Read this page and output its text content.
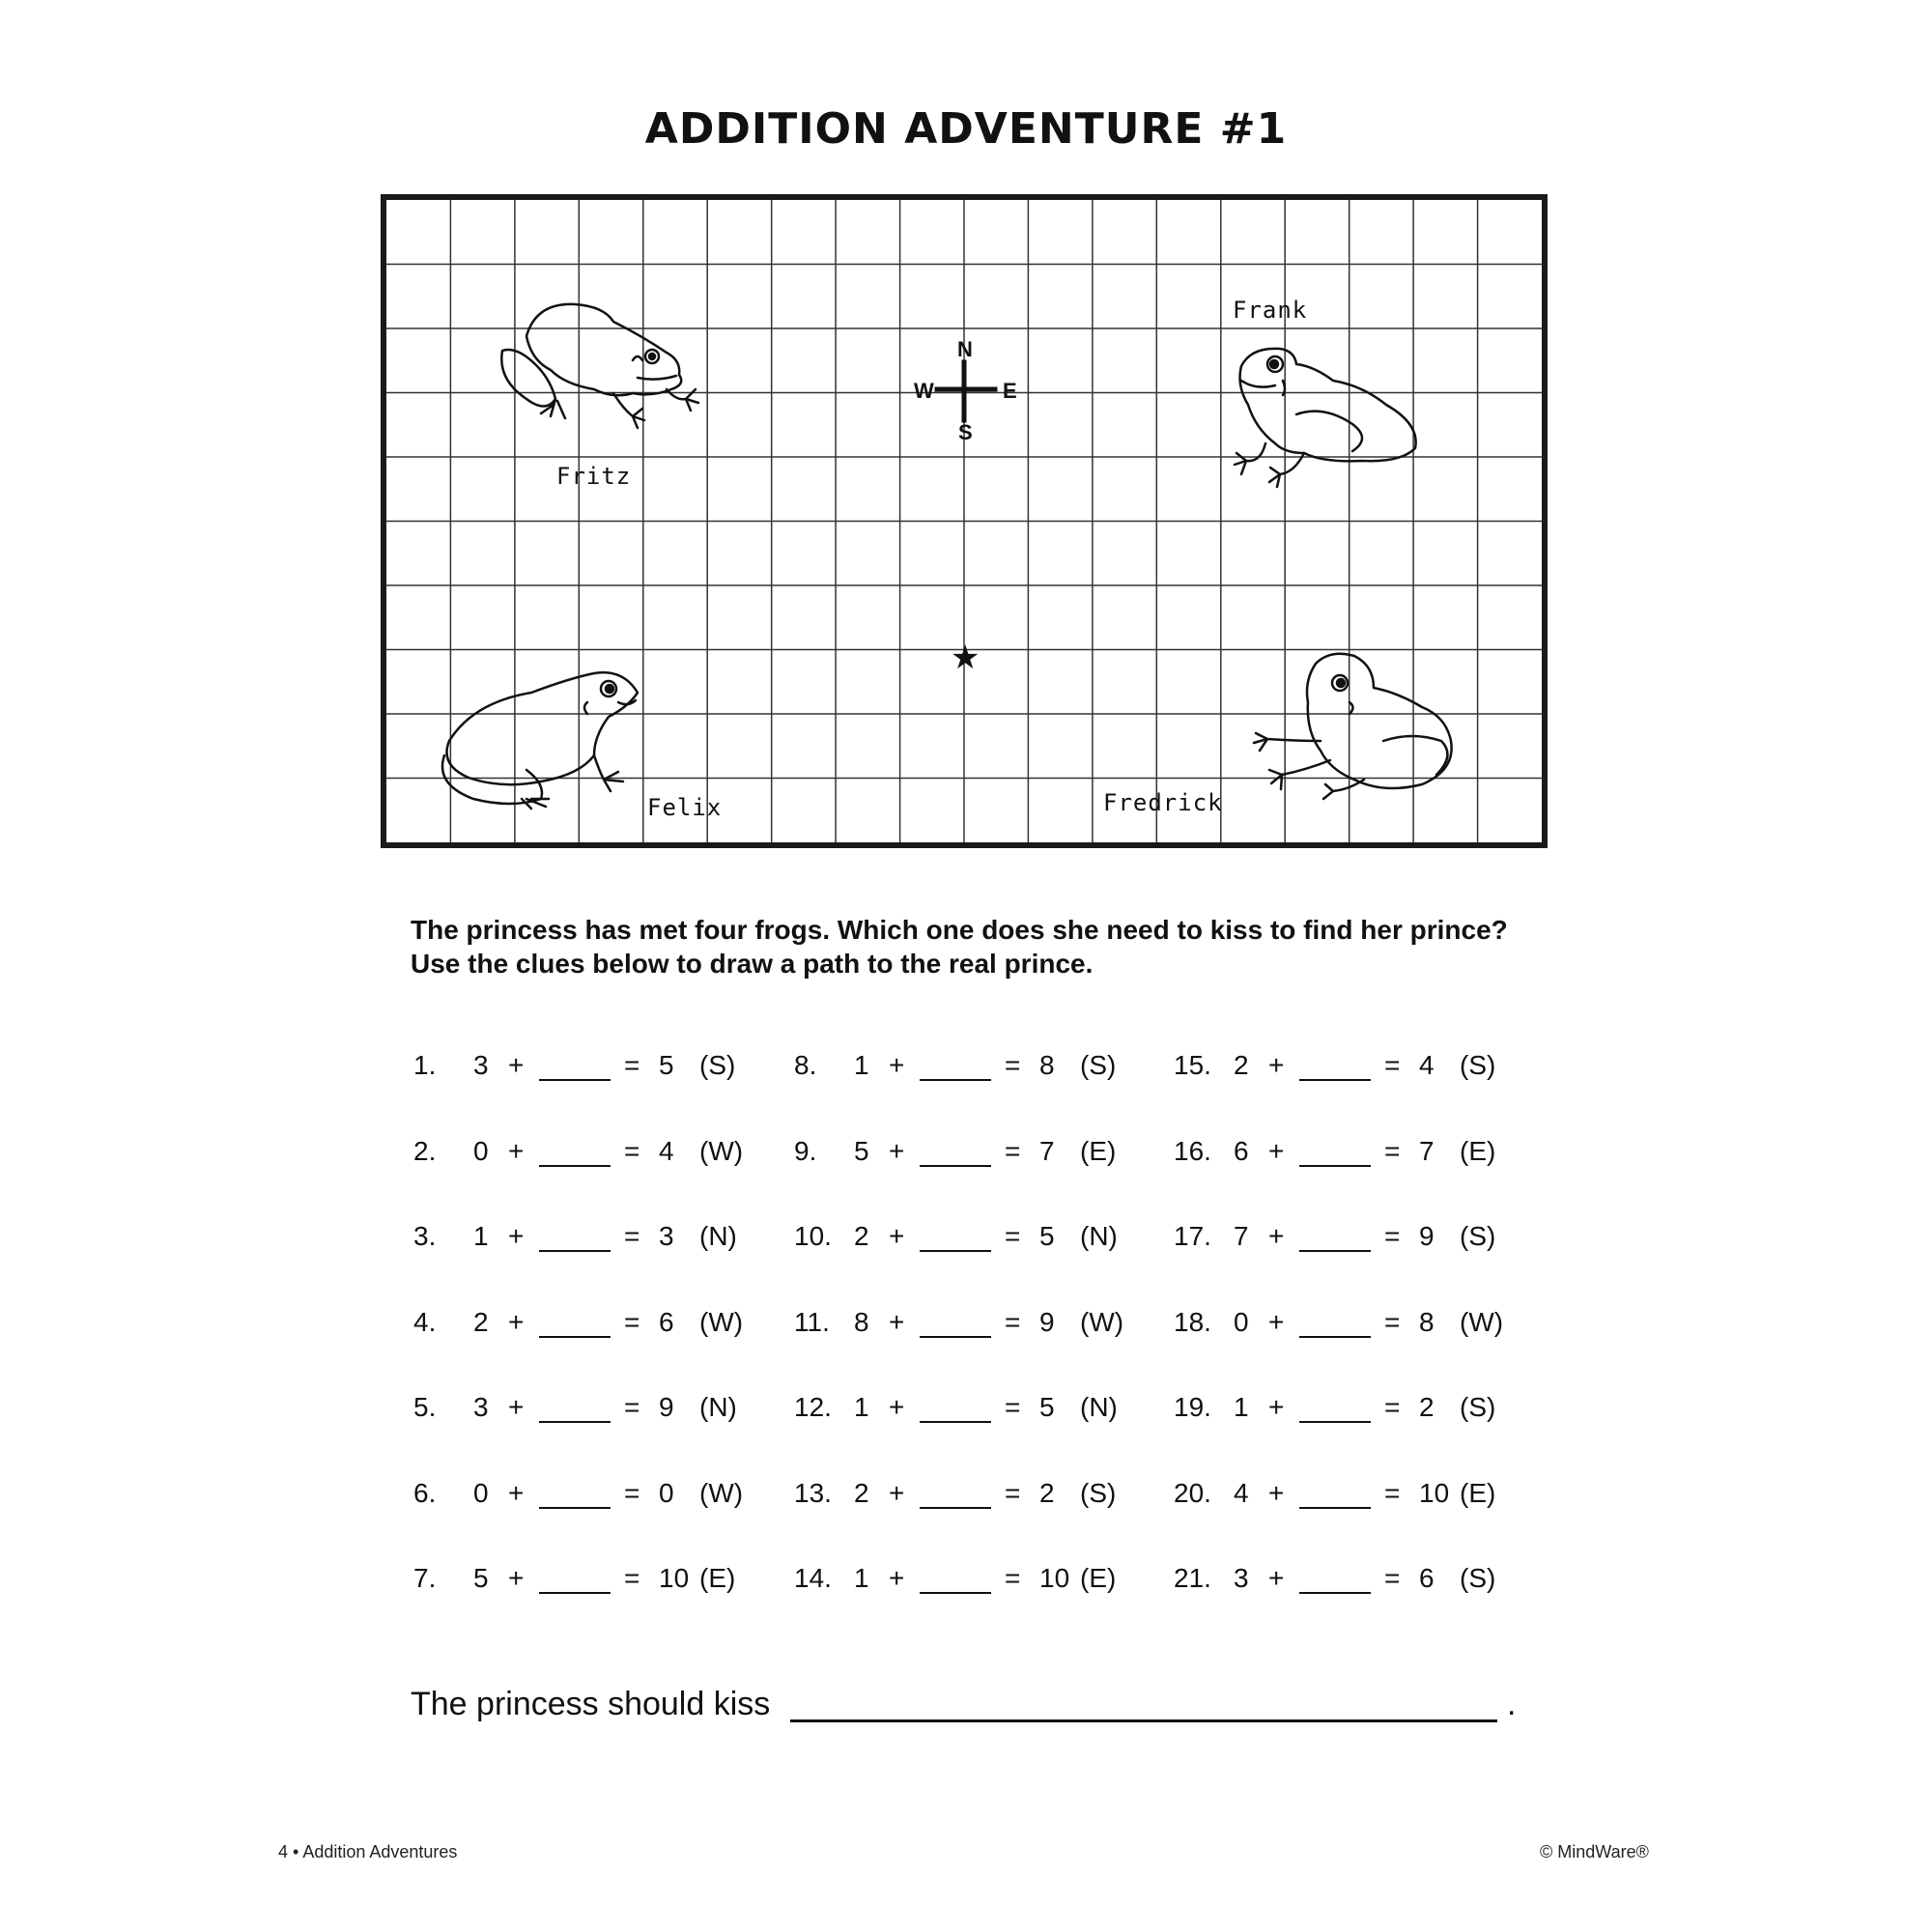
ADDITION ADVENTURE #1
Fritz
Frank
Felix	Fredrick
N
S
W	E
★
The princess has met four frogs. Which one does she need to kiss to find her prince? Use the clues below to draw a path to the real prince.
1. 3 +	= 5 (S)
2. 0 +	= 4 (W)
3. 1 +	= 3 (N)
4. 2 +	= 6 (W)
5. 3 +	= 9 (N)
6. 0 +	= 0 (W)
7. 5 +	= 10 (E)
8. 1 +	= 8 (S)
9. 5 +	= 7 (E)
10. 2 +	= 5 (N)
11. 8 +	= 9 (W)
12. 1 +	= 5 (N)
13. 2 +	= 2 (S)
14. 1 +	= 10 (E)
15. 2 +	= 4 (S)
16. 6 +	= 7 (E)
17. 7 +	= 9 (S)
18. 0 +	= 8 (W)
19. 1 +	= 2 (S)
20. 4 +	= 10 (E)
21. 3 +	= 6 (S)
The princess should kiss	.
4 • Addition Adventures	© MindWare®
